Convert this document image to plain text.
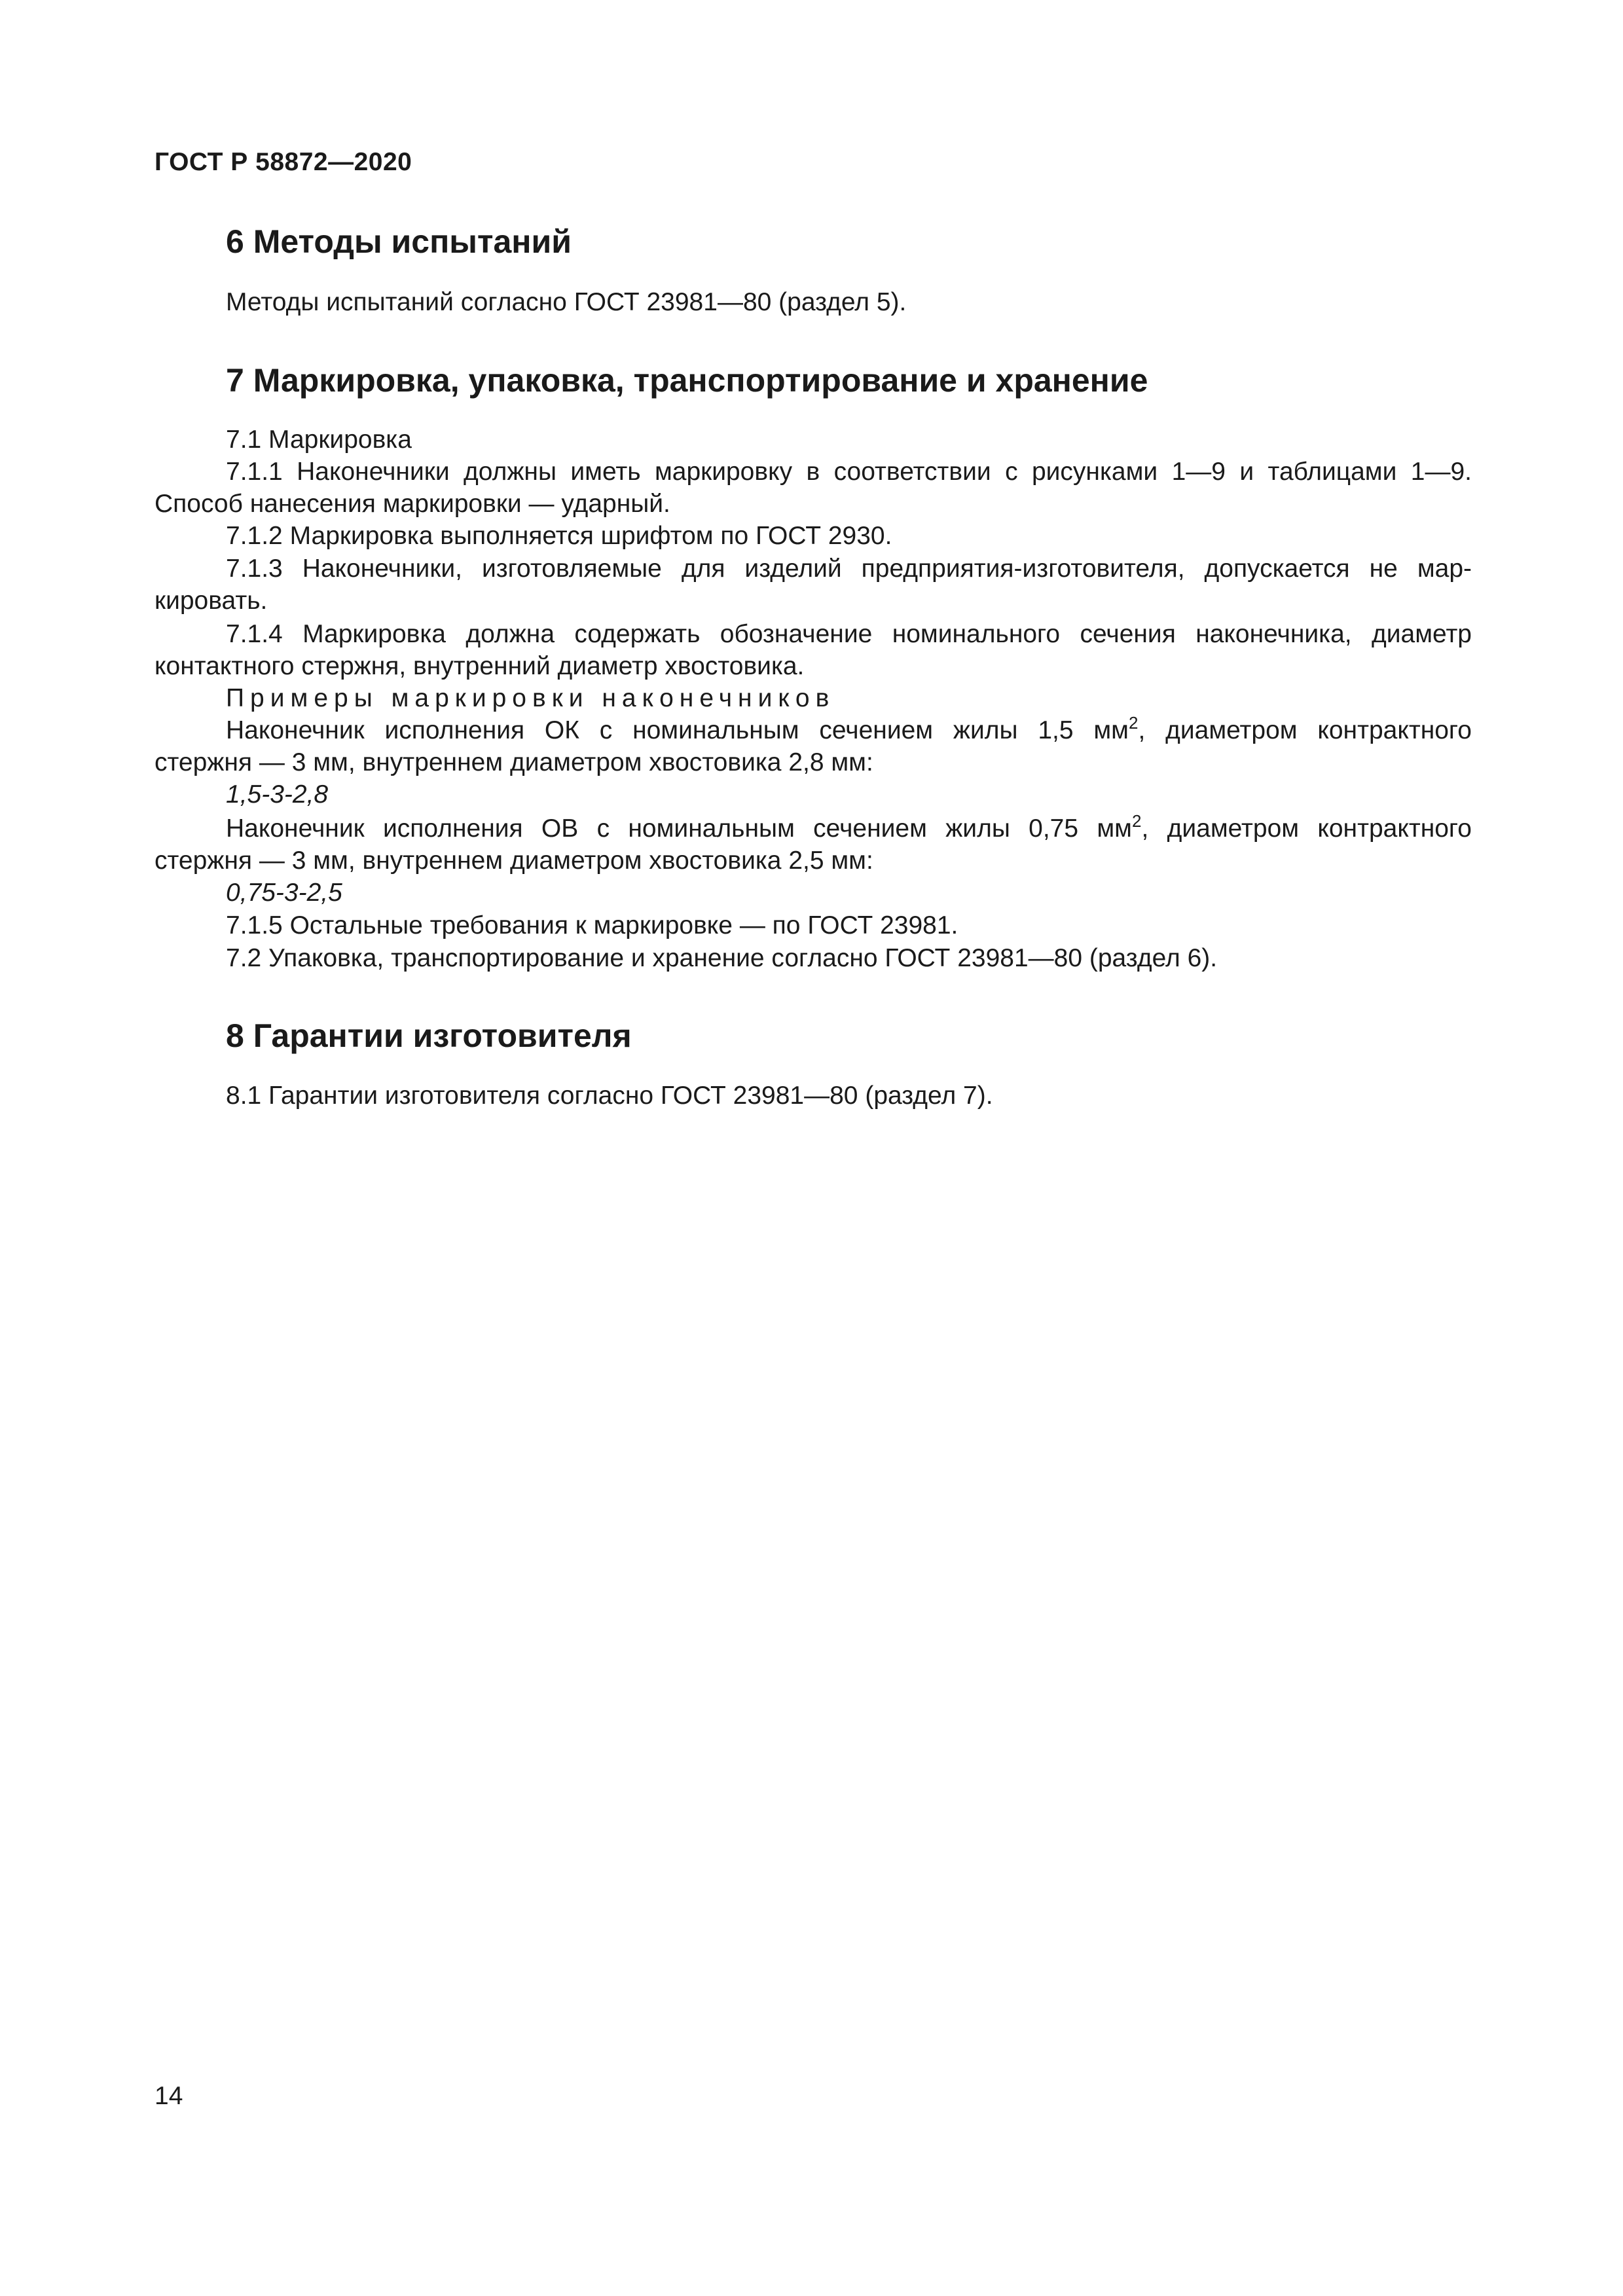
ГОСТ Р 58872—2020
6 Методы испытаний
Методы испытаний согласно ГОСТ 23981—80 (раздел 5).
7 Маркировка, упаковка, транспортирование и хранение
7.1 Маркировка
7.1.1 Наконечники должны иметь маркировку в соответствии с рисунками 1—9 и таблицами 1—9.
Способ нанесения маркировки — ударный.
7.1.2 Маркировка выполняется шрифтом по ГОСТ 2930.
7.1.3 Наконечники, изготовляемые для изделий предприятия-изготовителя, допускается не мар-
кировать.
7.1.4 Маркировка должна содержать обозначение номинального сечения наконечника, диаметр
контактного стержня, внутренний диаметр хвостовика.
Примеры маркировки наконечников
Наконечник исполнения ОК с номинальным сечением жилы 1,5 $мм^2$, диаметром контрактного
стержня — 3 мм, внутреннем диаметром хвостовика 2,8 мм:
1,5-3-2,8
Наконечник исполнения ОВ с номинальным сечением жилы 0,75 $мм^2$, диаметром контрактного
стержня — 3 мм, внутреннем диаметром хвостовика 2,5 мм:
0,75-3-2,5
7.1.5 Остальные требования к маркировке — по ГОСТ 23981.
7.2 Упаковка, транспортирование и хранение согласно ГОСТ 23981—80 (раздел 6).
8 Гарантии изготовителя
8.1 Гарантии изготовителя согласно ГОСТ 23981—80 (раздел 7).
14
